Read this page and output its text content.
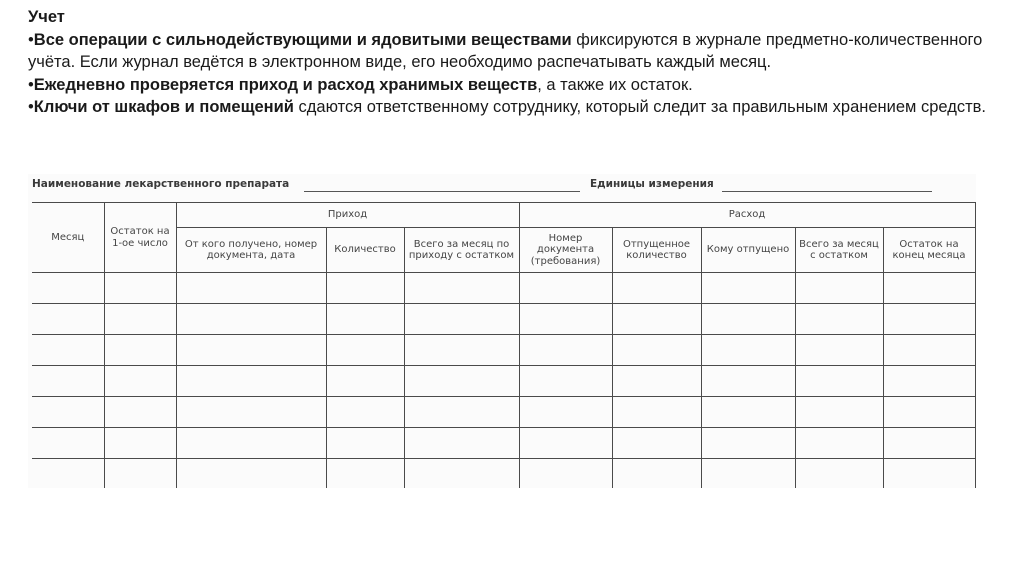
Учет

•Все операции с сильнодействующими и ядовитыми веществами фиксируются в журнале предметно-количественного учёта. Если журнал ведётся в электронном виде, его необходимо распечатывать каждый месяц.

•Ежедневно проверяется приход и расход хранимых веществ, а также их остаток.

•Ключи от шкафов и помещений сдаются ответственному сотруднику, который следит за правильным хранением средств.

Наименование лекарственного препарата	Единицы измерения
Месяц	Остаток на 1-ое число	Приход			Расход				
		От кого получено, номер документа, дата	Количество	Всего за месяц по приходу с остатком	Номер документа (требования)	Отпущенное количество	Кому отпущено	Всего за месяц с остатком	Остаток на конец месяца
